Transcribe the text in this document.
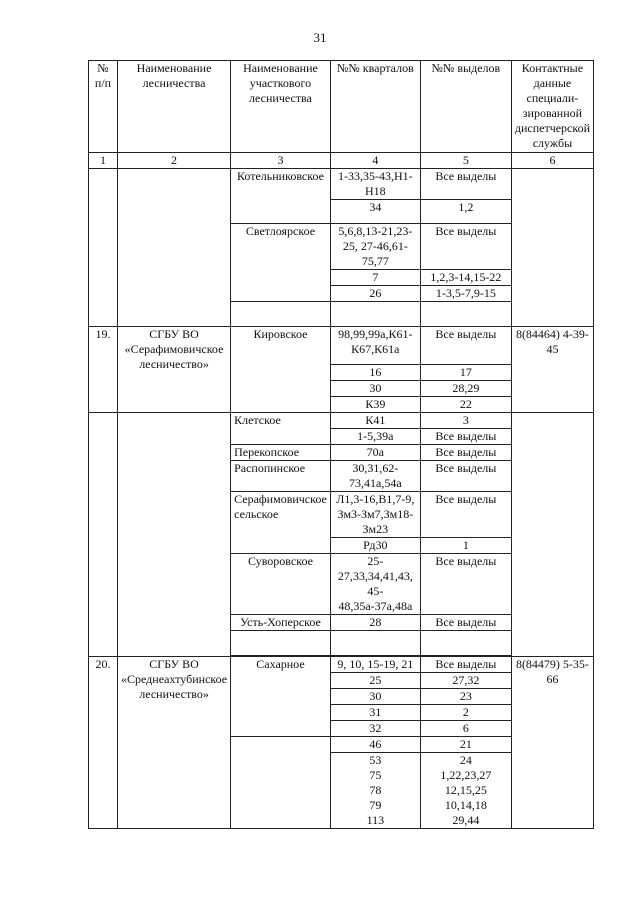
31
№ п/п	Наименование лесничества	Наименование участкового лесничества	№№ кварталов	№№ выделов	Контактные данные специали-зированной диспетчерской службы
1	2	3	4	5	6
		Котельниковское	1-33,35-43,Н1-Н18	Все выделы	
			34	1,2	
		Светлоярское	5,6,8,13-21,23-25, 27-46,61-75,77	Все выделы	
			7	1,2,3-14,15-22	
			26	1-3,5-7,9-15	

19.	СГБУ ВО «Серафимовичское лесничество»	Кировское	98,99,99а,К61-К67,К61а	Все выделы	8(84464) 4-39-45
			16	17	
			30	28,29	
			К39	22	
		Клетское	К41	3	
			1-5,39а	Все выделы	
		Перекопское	70а	Все выделы	
		Распопинское	30,31,62-73,41а,54а	Все выделы	
		Серафимовичское сельское	Л1,3-16,В1,7-9, Зм3-Зм7,Зм18-Зм23	Все выделы	
			Рд30	1	
		Суворовское	25-27,33,34,41,43, 45-48,35а-37а,48а	Все выделы	
		Усть-Хоперское	28	Все выделы	

20.	СГБУ ВО «Среднеахтубинское лесничество»	Сахарное	9, 10, 15-19, 21	Все выделы	8(84479) 5-35-66
			25	27,32	
			30	23	
			31	2	
			32	6	
			46	21	
			53	24	
			75	1,22,23,27	
			78	12,15,25	
			79	10,14,18	
			113	29,44	
